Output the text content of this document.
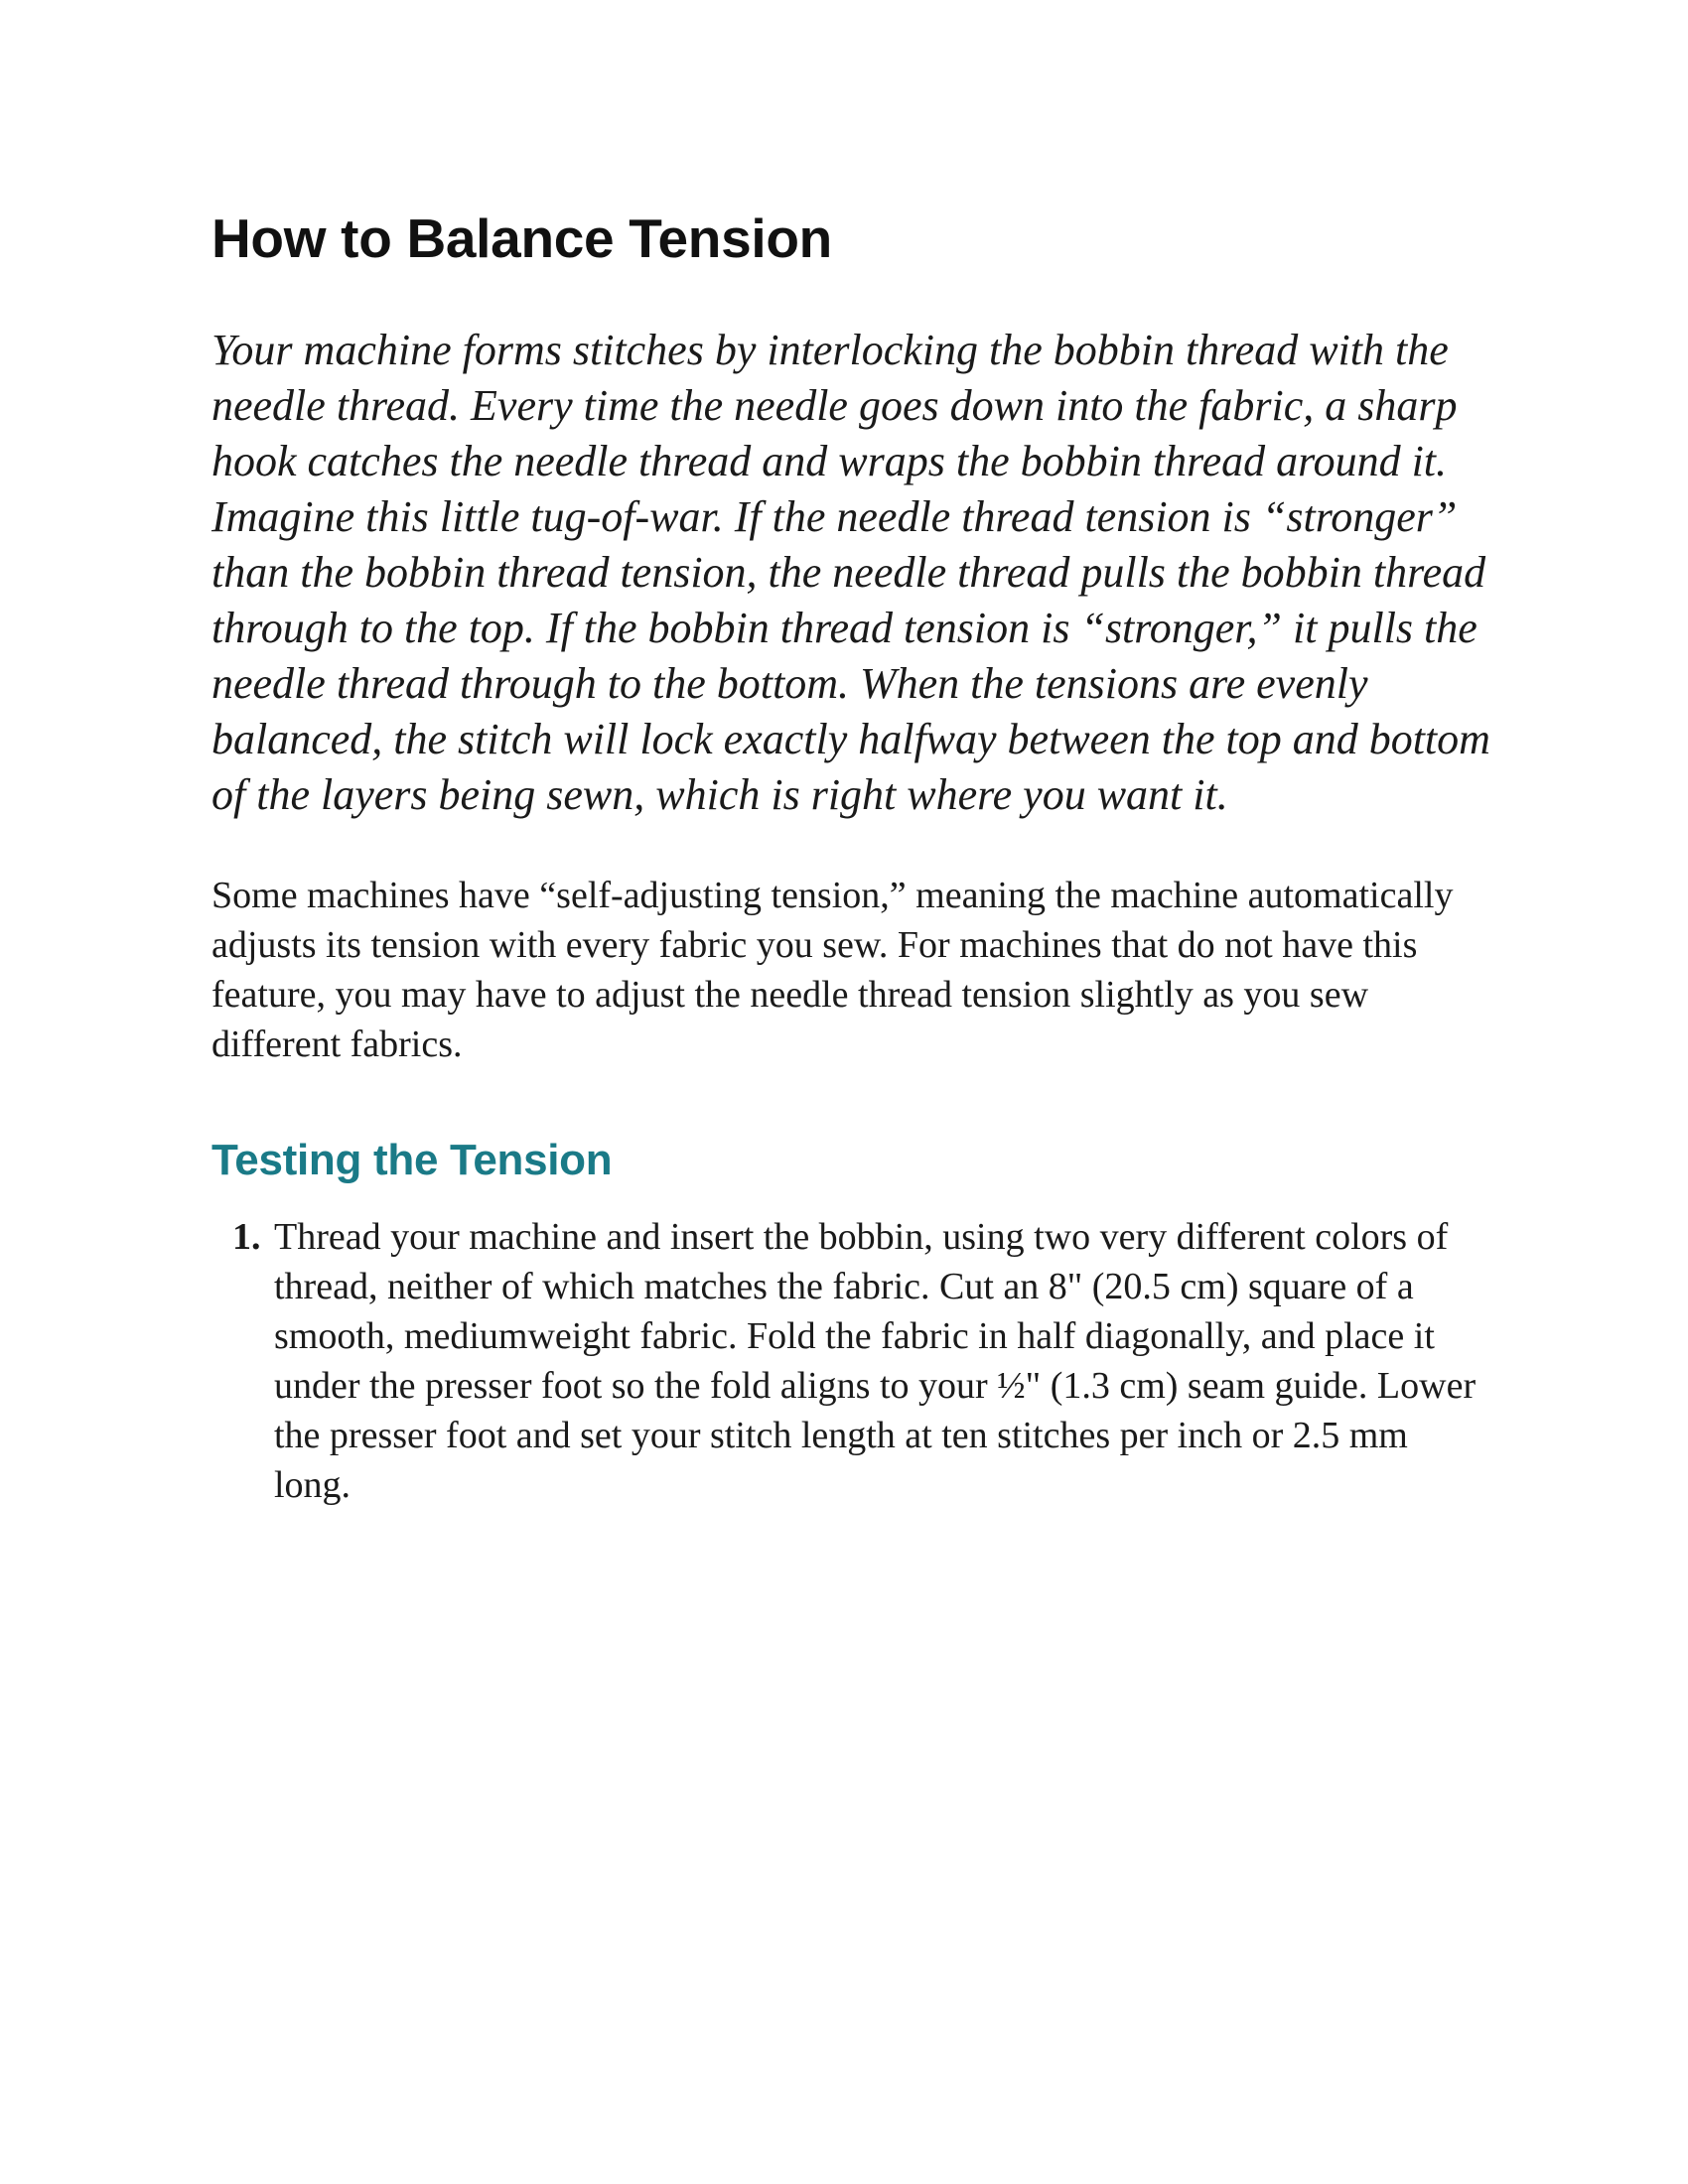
How to Balance Tension

Your machine forms stitches by interlocking the bobbin thread with the needle thread. Every time the needle goes down into the fabric, a sharp hook catches the needle thread and wraps the bobbin thread around it. Imagine this little tug-of-war. If the needle thread tension is “stronger” than the bobbin thread tension, the needle thread pulls the bobbin thread through to the top. If the bobbin thread tension is “stronger,” it pulls the needle thread through to the bottom. When the tensions are evenly balanced, the stitch will lock exactly halfway between the top and bottom of the layers being sewn, which is right where you want it.

Some machines have “self-adjusting tension,” meaning the machine automatically adjusts its tension with every fabric you sew. For machines that do not have this feature, you may have to adjust the needle thread tension slightly as you sew different fabrics.

Testing the Tension
1. Thread your machine and insert the bobbin, using two very different colors of thread, neither of which matches the fabric. Cut an 8" (20.5 cm) square of a smooth, mediumweight fabric. Fold the fabric in half diagonally, and place it under the presser foot so the fold aligns to your ½" (1.3 cm) seam guide. Lower the presser foot and set your stitch length at ten stitches per inch or 2.5 mm long.
